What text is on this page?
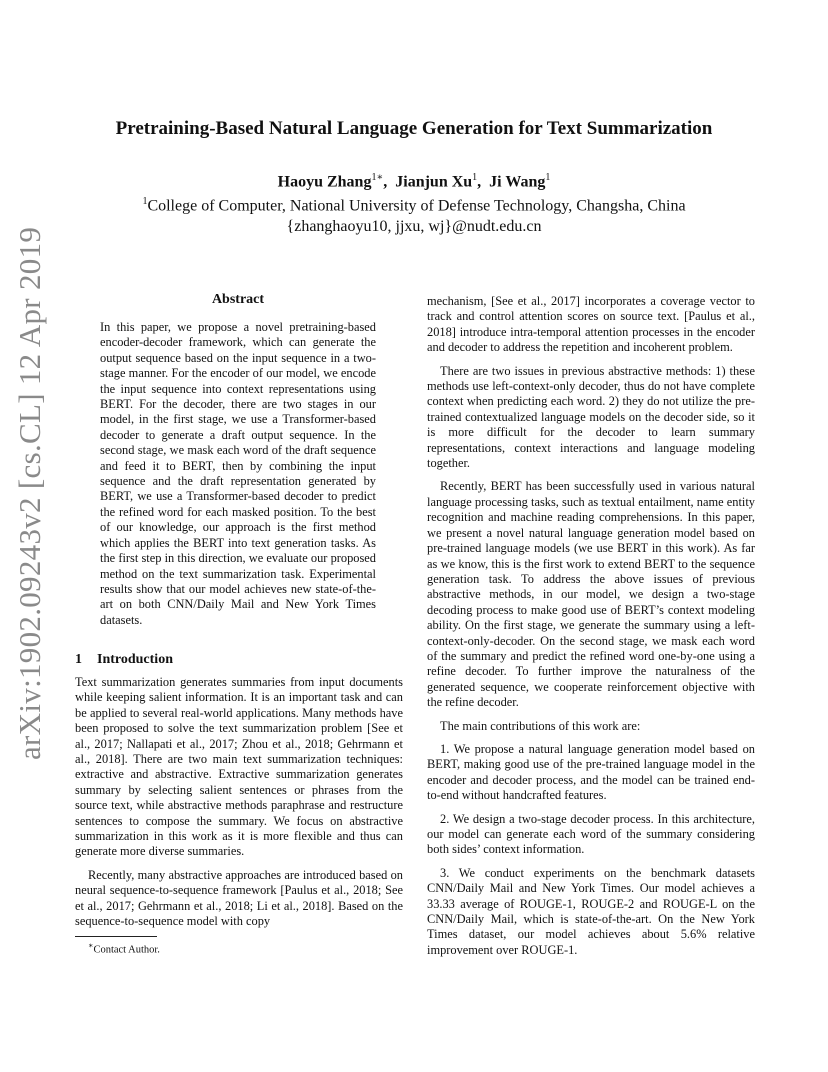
arXiv:1902.09243v2 [cs.CL] 12 Apr 2019
Pretraining-Based Natural Language Generation for Text Summarization
Haoyu Zhang$^{1∗}$,  Jianjun Xu$^1$,  Ji Wang$^1$
$^1$College of Computer, National University of Defense Technology, Changsha, China
{zhanghaoyu10, jjxu, wj}@nudt.edu.cn
Abstract

In this paper, we propose a novel pretraining-based encoder-decoder framework, which can generate the output sequence based on the input sequence in a two-stage manner. For the encoder of our model, we encode the input sequence into context representations using BERT. For the decoder, there are two stages in our model, in the first stage, we use a Transformer-based decoder to generate a draft output sequence. In the second stage, we mask each word of the draft sequence and feed it to BERT, then by combining the input sequence and the draft representation generated by BERT, we use a Transformer-based decoder to predict the refined word for each masked position. To the best of our knowledge, our approach is the first method which applies the BERT into text generation tasks. As the first step in this direction, we evaluate our proposed method on the text summarization task. Experimental results show that our model achieves new state-of-the-art on both CNN/Daily Mail and New York Times datasets.

1 Introduction

Text summarization generates summaries from input documents while keeping salient information. It is an important task and can be applied to several real-world applications. Many methods have been proposed to solve the text summarization problem [See et al., 2017; Nallapati et al., 2017; Zhou et al., 2018; Gehrmann et al., 2018]. There are two main text summarization techniques: extractive and abstractive. Extractive summarization generates summary by selecting salient sentences or phrases from the source text, while abstractive methods paraphrase and restructure sentences to compose the summary. We focus on abstractive summarization in this work as it is more flexible and thus can generate more diverse summaries.

Recently, many abstractive approaches are introduced based on neural sequence-to-sequence framework [Paulus et al., 2018; See et al., 2017; Gehrmann et al., 2018; Li et al., 2018]. Based on the sequence-to-sequence model with copy

mechanism, [See et al., 2017] incorporates a coverage vector to track and control attention scores on source text. [Paulus et al., 2018] introduce intra-temporal attention processes in the encoder and decoder to address the repetition and incoherent problem.

There are two issues in previous abstractive methods: 1) these methods use left-context-only decoder, thus do not have complete context when predicting each word. 2) they do not utilize the pre-trained contextualized language models on the decoder side, so it is more difficult for the decoder to learn summary representations, context interactions and language modeling together.

Recently, BERT has been successfully used in various natural language processing tasks, such as textual entailment, name entity recognition and machine reading comprehensions. In this paper, we present a novel natural language generation model based on pre-trained language models (we use BERT in this work). As far as we know, this is the first work to extend BERT to the sequence generation task. To address the above issues of previous abstractive methods, in our model, we design a two-stage decoding process to make good use of BERT’s context modeling ability. On the first stage, we generate the summary using a left-context-only-decoder. On the second stage, we mask each word of the summary and predict the refined word one-by-one using a refine decoder. To further improve the naturalness of the generated sequence, we cooperate reinforcement objective with the refine decoder.

The main contributions of this work are:

1. We propose a natural language generation model based on BERT, making good use of the pre-trained language model in the encoder and decoder process, and the model can be trained end-to-end without handcrafted features.

2. We design a two-stage decoder process. In this architecture, our model can generate each word of the summary considering both sides’ context information.

3. We conduct experiments on the benchmark datasets CNN/Daily Mail and New York Times. Our model achieves a 33.33 average of ROUGE-1, ROUGE-2 and ROUGE-L on the CNN/Daily Mail, which is state-of-the-art. On the New York Times dataset, our model achieves about 5.6% relative improvement over ROUGE-1.

∗Contact Author.
